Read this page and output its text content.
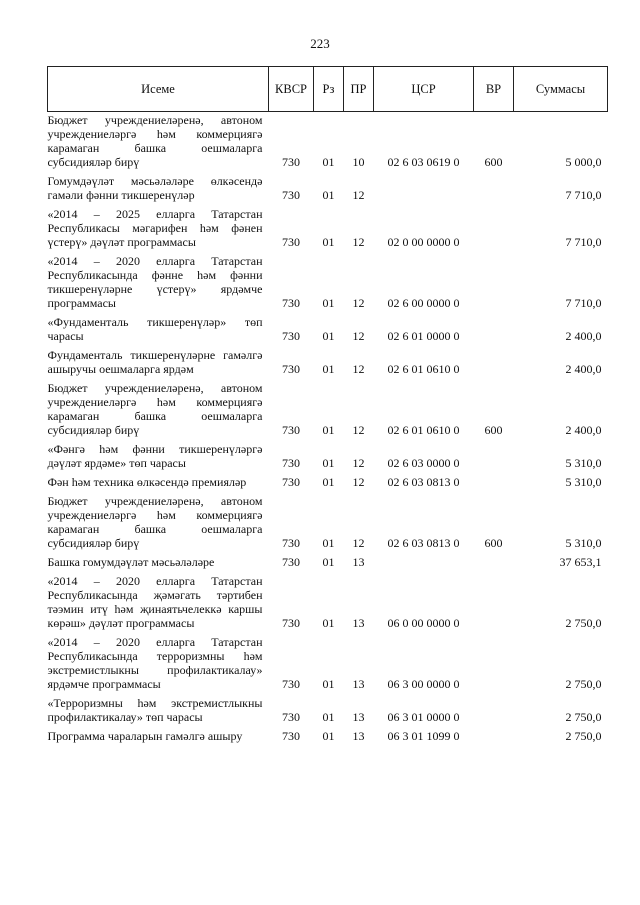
223
Исеме	КВСР	Рз	ПР	ЦСР	ВР	Суммасы
Бюджет учреждениеләренә, автоном учреждениеләргә һәм коммерциягә карамаган башка оешмаларга субсидияләр бирү	730	01	10	02 6 03 0619 0	600	5 000,0
Гомумдәүләт мәсьәләләре өлкәсендә гамәли фәнни тикшеренүләр	730	01	12			7 710,0
«2014 – 2025 елларга Татарстан Республикасы мәгарифен һәм фәнен үстерү» дәүләт программасы	730	01	12	02 0 00 0000 0		7 710,0
«2014 – 2020 елларга Татарстан Республикасында фәнне һәм фәнни тикшеренүләрне үстерү» ярдәмче программасы	730	01	12	02 6 00 0000 0		7 710,0
«Фундаменталь тикшеренүләр» төп чарасы	730	01	12	02 6 01 0000 0		2 400,0
Фундаменталь тикшеренүләрне гамәлгә ашыручы оешмаларга ярдәм	730	01	12	02 6 01 0610 0		2 400,0
Бюджет учреждениеләренә, автоном учреждениеләргә һәм коммерциягә карамаган башка оешмаларга субсидияләр бирү	730	01	12	02 6 01 0610 0	600	2 400,0
«Фәнгә һәм фәнни тикшеренүләргә дәүләт ярдәме» төп чарасы	730	01	12	02 6 03 0000 0		5 310,0
Фән һәм техника өлкәсендә премияләр	730	01	12	02 6 03 0813 0		5 310,0
Бюджет учреждениеләренә, автоном учреждениеләргә һәм коммерциягә карамаган башка оешмаларга субсидияләр бирү	730	01	12	02 6 03 0813 0	600	5 310,0
Башка гомумдәүләт мәсьәләләре	730	01	13			37 653,1
«2014 – 2020 елларга Татарстан Республикасында җәмәгать тәртибен тәэмин итү һәм җинаятьчелеккә каршы көрәш» дәүләт программасы	730	01	13	06 0 00 0000 0		2 750,0
«2014 – 2020 елларга Татарстан Республикасында терроризмны һәм экстремистлыкны профилактикалау» ярдәмче программасы	730	01	13	06 3 00 0000 0		2 750,0
«Терроризмны һәм экстремистлыкны профилактикалау» төп чарасы	730	01	13	06 3 01 0000 0		2 750,0
Программа чараларын гамәлгә ашыру	730	01	13	06 3 01 1099 0		2 750,0
